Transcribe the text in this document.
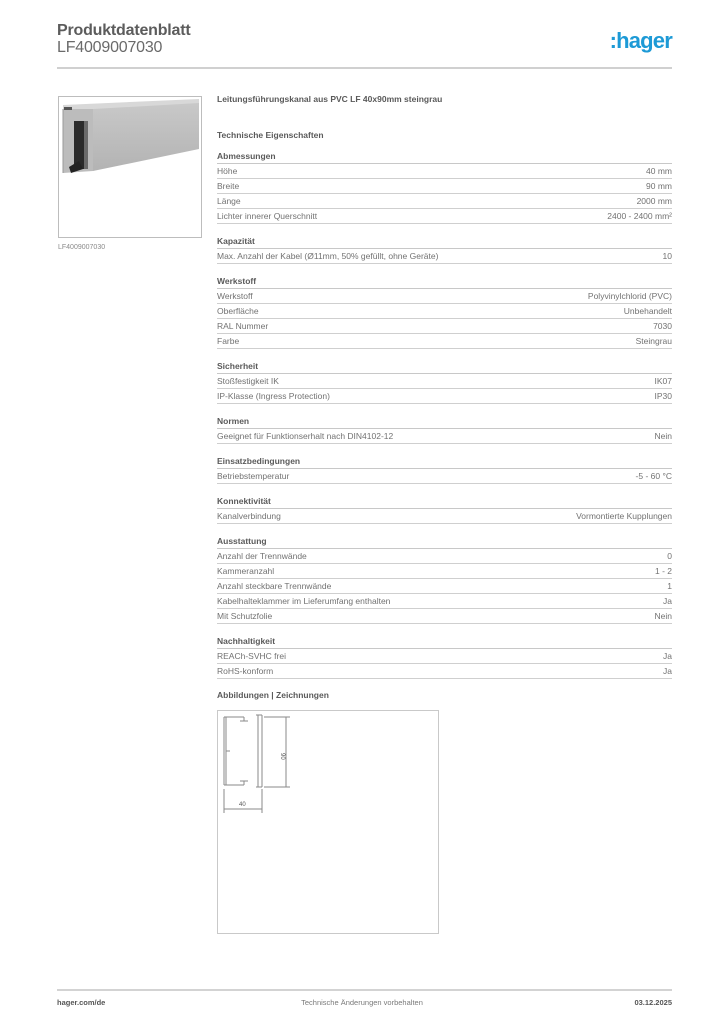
Produktdatenblatt
LF4009007030	:hager
LF4009007030
Leitungsführungskanal aus PVC LF 40x90mm steingrau
Technische Eigenschaften
Abmessungen
Höhe	40 mm
Breite	90 mm
Länge	2000 mm
Lichter innerer Querschnitt	2400 - 2400 mm²
Kapazität
Max. Anzahl der Kabel (Ø11mm, 50% gefüllt, ohne Geräte)	10
Werkstoff
Werkstoff	Polyvinylchlorid (PVC)
Oberfläche	Unbehandelt
RAL Nummer	7030
Farbe	Steingrau
Sicherheit
Stoßfestigkeit IK	IK07
IP-Klasse (Ingress Protection)	IP30
Normen
Geeignet für Funktionserhalt nach DIN4102-12	Nein
Einsatzbedingungen
Betriebstemperatur	-5 - 60 °C
Konnektivität
Kanalverbindung	Vormontierte Kupplungen
Ausstattung
Anzahl der Trennwände	0
Kammeranzahl	1 - 2
Anzahl steckbare Trennwände	1
Kabelhalteklammer im Lieferumfang enthalten	Ja
Mit Schutzfolie	Nein
Nachhaltigkeit
REACh-SVHC frei	Ja
RoHS-konform	Ja
Abbildungen | Zeichnungen
90
40
hager.com/de	Technische Änderungen vorbehalten	03.12.2025
